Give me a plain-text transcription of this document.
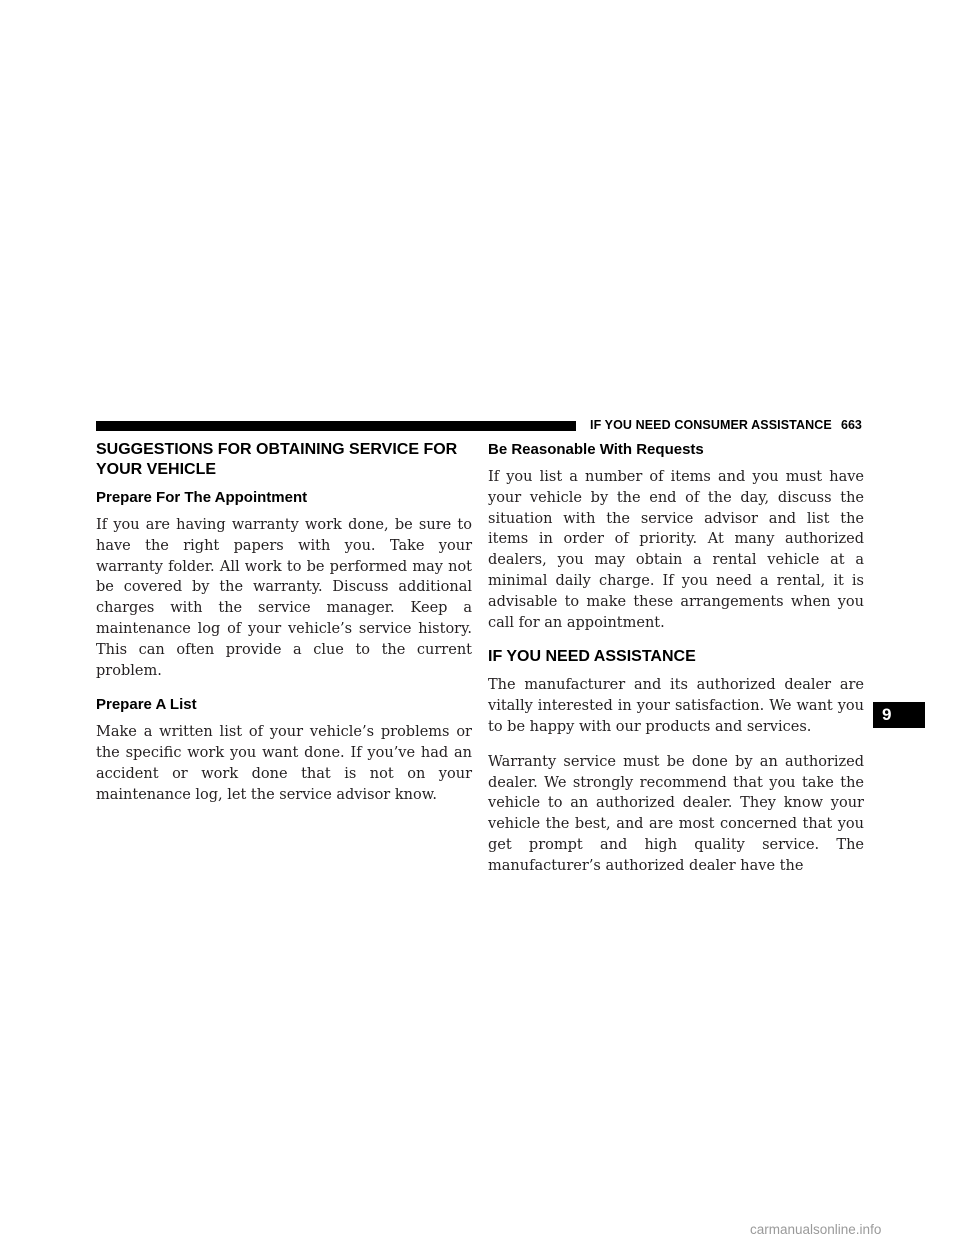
IF YOU NEED CONSUMER ASSISTANCE 663
SUGGESTIONS FOR OBTAINING SERVICE FOR YOUR VEHICLE
Prepare For The Appointment

If you are having warranty work done, be sure to have the right papers with you. Take your warranty folder. All work to be performed may not be covered by the warranty. Discuss additional charges with the service manager. Keep a maintenance log of your vehicle’s service history. This can often provide a clue to the current problem.

Prepare A List

Make a written list of your vehicle’s problems or the specific work you want done. If you’ve had an accident or work done that is not on your maintenance log, let the service advisor know.

Be Reasonable With Requests

If you list a number of items and you must have your vehicle by the end of the day, discuss the situation with the service advisor and list the items in order of priority. At many authorized dealers, you may obtain a rental vehicle at a minimal daily charge. If you need a rental, it is advisable to make these arrangements when you call for an appointment.

IF YOU NEED ASSISTANCE

The manufacturer and its authorized dealer are vitally interested in your satisfaction. We want you to be happy with our products and services.

Warranty service must be done by an authorized dealer. We strongly recommend that you take the vehicle to an authorized dealer. They know your vehicle the best, and are most concerned that you get prompt and high quality service. The manufacturer’s authorized dealer have the

9
carmanualsonline.info
